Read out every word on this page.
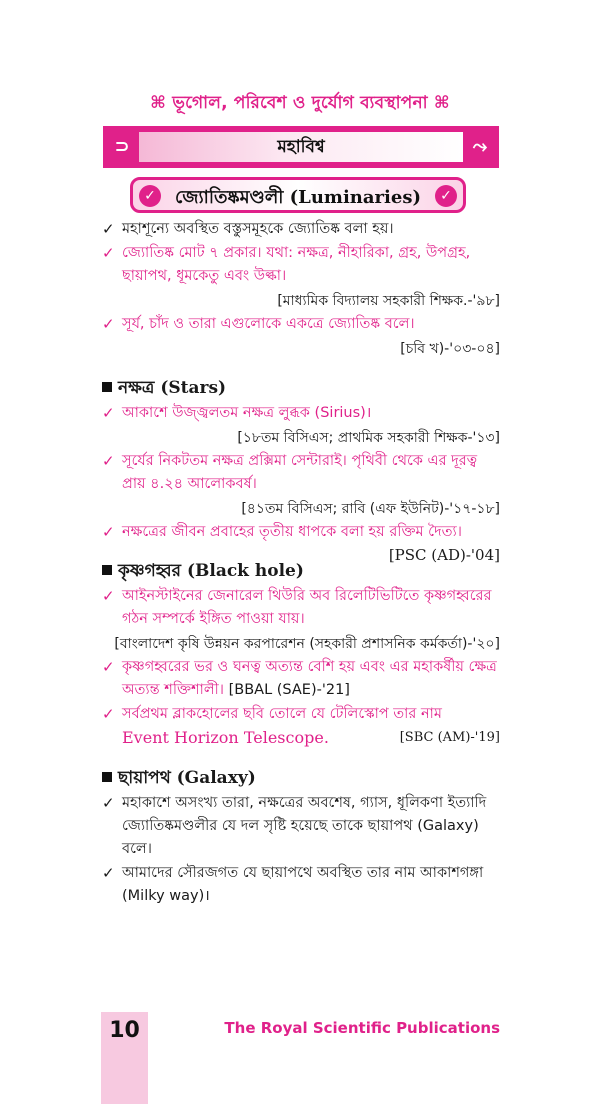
⌘ ভূগোল, পরিবেশ ও দুর্যোগ ব্যবস্থাপনা ⌘
⊃	মহাবিশ্ব	⤳
✓ জ্যোতিষ্কমণ্ডলী (Luminaries)	✓
✓ মহাশূন্যে অবস্থিত বস্তুসমূহকে জ্যোতিষ্ক বলা হয়।
✓ জ্যোতিষ্ক মোট ৭ প্রকার। যথা: নক্ষত্র, নীহারিকা, গ্রহ, উপগ্রহ, ছায়াপথ, ধূমকেতু এবং উল্কা।
[মাধ্যমিক বিদ্যালয় সহকারী শিক্ষক.-'৯৮]
✓ সূর্য, চাঁদ ও তারা এগুলোকে একত্রে জ্যোতিষ্ক বলে।
[চবি খ)-'০৩-০৪]
নক্ষত্র (Stars)
✓ আকাশে উজ্জ্বলতম নক্ষত্র লুব্ধক (Sirius)।
[১৮তম বিসিএস; প্রাথমিক সহকারী শিক্ষক-'১৩]
✓ সূর্যের নিকটতম নক্ষত্র প্রক্সিমা সেন্টারাই। পৃথিবী থেকে এর দূরত্ব প্রায় ৪.২৪ আলোকবর্ষ।
[৪১তম বিসিএস; রাবি (এফ ইউনিট)-'১৭-১৮]
✓ নক্ষত্রের জীবন প্রবাহের তৃতীয় ধাপকে বলা হয় রক্তিম দৈত্য।
[PSC (AD)-'04]
কৃষ্ণগহ্বর (Black hole)
✓ আইনস্টাইনের জেনারেল থিউরি অব রিলেটিভিটিতে কৃষ্ণগহ্বরের গঠন সম্পর্কে ইঙ্গিত পাওয়া যায়।
[বাংলাদেশ কৃষি উন্নয়ন করপারেশন (সহকারী প্রশাসনিক কর্মকর্তা)-'২০]
✓ কৃষ্ণগহ্বরের ভর ও ঘনত্ব অত্যন্ত বেশি হয় এবং এর মহাকর্ষীয় ক্ষেত্র অত্যন্ত শক্তিশালী। [BBAL (SAE)-'21]
✓ সর্বপ্রথম ব্লাকহোলের ছবি তোলে যে টেলিস্কোপ তার নাম
Event Horizon Telescope.	[SBC (AM)-'19]
ছায়াপথ (Galaxy)
✓ মহাকাশে অসংখ্য তারা, নক্ষত্রের অবশেষ, গ্যাস, ধূলিকণা ইত্যাদি জ্যোতিষ্কমণ্ডলীর যে দল সৃষ্টি হয়েছে তাকে ছায়াপথ (Galaxy) বলে।
✓ আমাদের সৌরজগত যে ছায়াপথে অবস্থিত তার নাম আকাশগঙ্গা (Milky way)।
10	The Royal Scientific Publications
